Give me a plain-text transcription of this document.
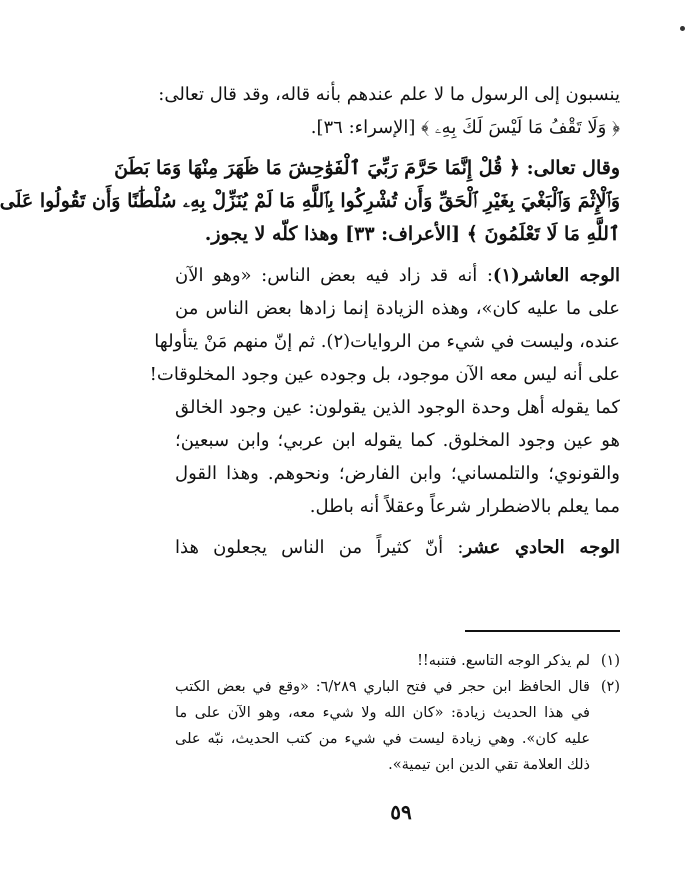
ينسبون إلى الرسول ما لا علم عندهم بأنه قاله، وقد قال تعالى:
﴿ وَلَا تَقْفُ مَا لَيْسَ لَكَ بِهِۦ ﴾ [الإسراء: ٣٦].
وقال تعالى: ﴿ قُلْ إِنَّمَا حَرَّمَ رَبِّيَ ٱلْفَوَٰحِشَ مَا ظَهَرَ مِنْهَا وَمَا بَطَنَ
وَٱلْإِثْمَ وَٱلْبَغْيَ بِغَيْرِ ٱلْحَقِّ وَأَن تُشْرِكُوا بِٱللَّهِ مَا لَمْ يُنَزِّلْ بِهِۦ سُلْطَٰنًا وَأَن تَقُولُوا عَلَى
ٱللَّهِ مَا لَا تَعْلَمُونَ ﴾ [الأعراف: ٣٣] وهذا كلّه لا يجوز.
الوجه العاشر(١): أنه قد زاد فيه بعض الناس: «وهو الآن
على ما عليه كان»، وهذه الزيادة إنما زادها بعض الناس من
عنده، وليست في شيء من الروايات(٢). ثم إنّ منهم مَنْ يتأولها
على أنه ليس معه الآن موجود، بل وجوده عين وجود المخلوقات!
كما يقوله أهل وحدة الوجود الذين يقولون: عين وجود الخالق
هو عين وجود المخلوق. كما يقوله ابن عربي؛ وابن سبعين؛
والقونوي؛ والتلمساني؛ وابن الفارض؛ ونحوهم. وهذا القول
مما يعلم بالاضطرار شرعاً وعقلاً أنه باطل.
الوجه الحادي عشر: أنّ كثيراً من الناس يجعلون هذا
(١)
لم يذكر الوجه التاسع. فتنبه!!
(٢)
قال الحافظ ابن حجر في فتح الباري ٦/٢٨٩: «وقع في بعض الكتب
في هذا الحديث زيادة: «كان الله ولا شيء معه، وهو الآن على ما
عليه كان». وهي زيادة ليست في شيء من كتب الحديث، نبّه على
ذلك العلامة تقي الدين ابن تيمية».
٥٩
